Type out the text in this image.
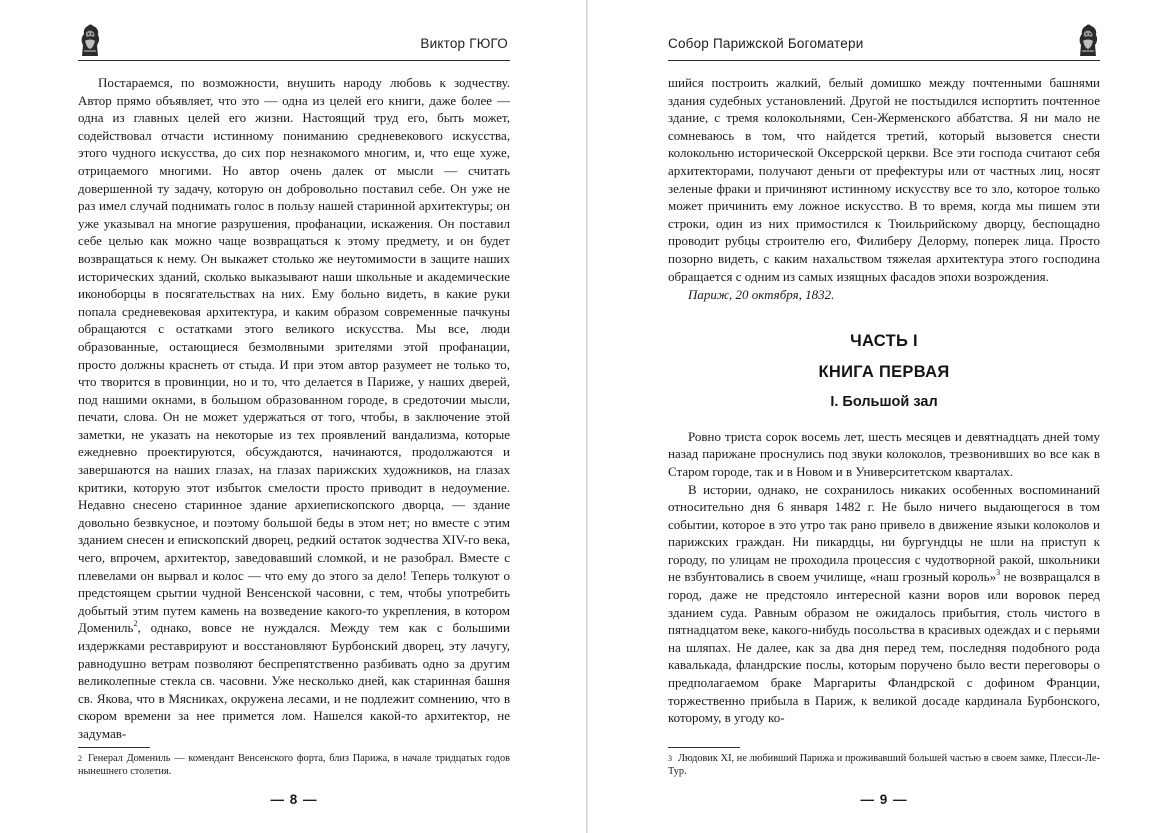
Виктор ГЮГО

Постараемся, по возможности, внушить народу любовь к зодчеству. Автор прямо объявляет, что это — одна из целей его книги, даже более — одна из главных целей его жизни. Настоящий труд его, быть может, содействовал отчасти истинному пониманию средневекового искусства, этого чудного искусства, до сих пор незнакомого многим, и, что еще хуже, отрицаемого многими. Но автор очень далек от мысли — считать довершенной ту задачу, которую он добровольно поставил себе. Он уже не раз имел случай поднимать голос в пользу нашей старинной архитектуры; он уже указывал на многие разрушения, профанации, искажения. Он поставил себе целью как можно чаще возвращаться к этому предмету, и он будет возвращаться к нему. Он выкажет столько же неутомимости в защите наших исторических зданий, сколько выказывают наши школьные и академические иконоборцы в посягательствах на них. Ему больно видеть, в какие руки попала средневековая архитектура, и каким образом современные пачкуны обращаются с остатками этого великого искусства. Мы все, люди образованные, остающиеся безмолвными зрителями этой профанации, просто должны краснеть от стыда. И при этом автор разумеет не только то, что творится в провинции, но и то, что делается в Париже, у наших дверей, под нашими окнами, в большом образованном городе, в средоточии мысли, печати, слова. Он не может удержаться от того, чтобы, в заключение этой заметки, не указать на некоторые из тех проявлений вандализма, которые ежедневно проектируются, обсуждаются, начинаются, продолжаются и завершаются на наших глазах, на глазах парижских художников, на глазах критики, которую этот избыток смелости просто приводит в недоумение. Недавно снесено старинное здание архиепископского дворца, — здание довольно безвкусное, и поэтому большой беды в этом нет; но вместе с этим зданием снесен и епископский дворец, редкий остаток зодчества XIV-го века, чего, впрочем, архитектор, заведовавший сломкой, и не разобрал. Вместе с плевелами он вырвал и колос — что ему до этого за дело! Теперь толкуют о предстоящем срытии чудной Венсенской часовни, с тем, чтобы употребить добытый этим путем камень на возведение какого-то укрепления, в котором Домениль$^2$, однако, вовсе не нуждался. Между тем как с большими издержками реставрируют и восстановляют Бурбонский дворец, эту лачугу, равнодушно ветрам позволяют беспрепятственно разбивать одно за другим великолепные стекла св. часовни. Уже несколько дней, как старинная башня св. Якова, что в Мясниках, окружена лесами, и не подлежит сомнению, что в скором времени за нее примется лом. Нашелся какой-то архитектор, не задумав-

$^2$ Генерал Домениль — комендант Венсенского форта, близ Парижа, в начале тридцатых годов нынешнего столетия.
— 8 —
Собор Парижской Богоматери

шийся построить жалкий, белый домишко между почтенными башнями здания судебных установлений. Другой не постыдился испортить почтенное здание, с тремя колокольнями, Сен-Жерменского аббатства. Я ни мало не сомневаюсь в том, что найдется третий, который вызовется снести колокольню исторической Оксеррской церкви. Все эти господа считают себя архитекторами, получают деньги от префектуры или от частных лиц, носят зеленые фраки и причиняют истинному искусству все то зло, которое только может причинить ему ложное искусство. В то время, когда мы пишем эти строки, один из них примостился к Тюильрийскому дворцу, беспощадно проводит рубцы строителю его, Филиберу Делорму, поперек лица. Просто позорно видеть, с каким нахальством тяжелая архитектура этого господина обращается с одним из самых изящных фасадов эпохи возрождения.

Париж, 20 октября, 1832.

ЧАСТЬ I
КНИГА ПЕРВАЯ
I. Большой зал

Ровно триста сорок восемь лет, шесть месяцев и девятнадцать дней тому назад парижане проснулись под звуки колоколов, трезвонивших во все как в Старом городе, так и в Новом и в Университетском кварталах.

В истории, однако, не сохранилось никаких особенных воспоминаний относительно дня 6 января 1482 г. Не было ничего выдающегося в том событии, которое в это утро так рано привело в движение языки колоколов и парижских граждан. Ни пикардцы, ни бургундцы не шли на приступ к городу, по улицам не проходила процессия с чудотворной ракой, школьники не взбунтовались в своем училище, «наш грозный король»$^3$ не возвращался в город, даже не предстояло интересной казни воров или воровок перед зданием суда. Равным образом не ожидалось прибытия, столь чистого в пятнадцатом веке, какого-нибудь посольства в красивых одеждах и с перьями на шляпах. Не далее, как за два дня перед тем, последняя подобного рода кавалькада, фландрские послы, которым поручено было вести переговоры о предполагаемом браке Маргариты Фландрской с дофином Франции, торжественно прибыла в Париж, к великой досаде кардинала Бурбонского, которому, в угоду ко-

$^3$ Людовик XI, не любивший Парижа и проживавший большей частью в своем замке, Плесси-Ле-Тур.
— 9 —
